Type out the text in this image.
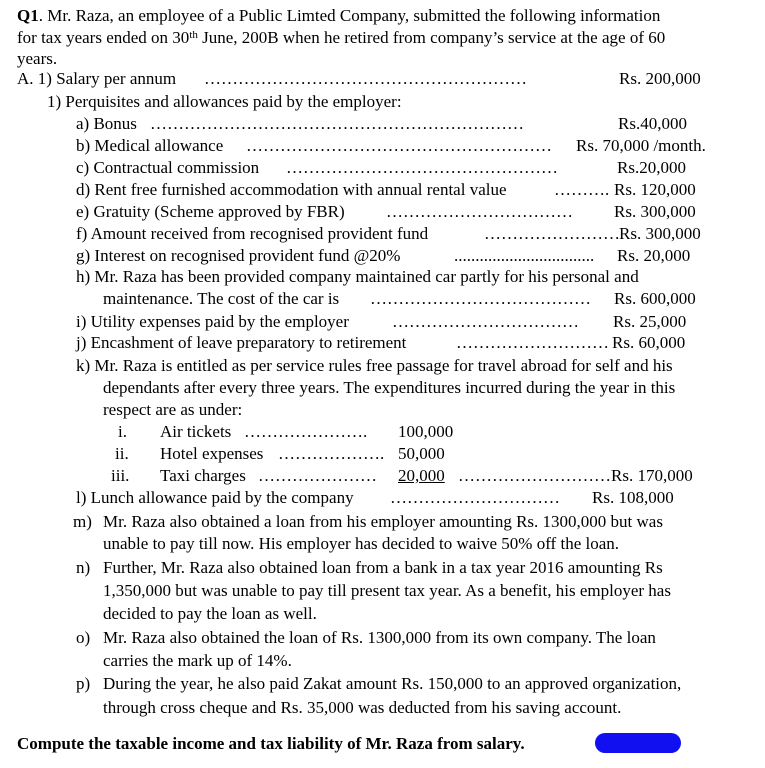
Q1. Mr. Raza, an employee of a Public Limted Company, submitted the following information
for tax years ended on 30th June, 200B when he retired from company’s service at the age of 60
years.
A. 1) Salary per annum …………………………………………………	Rs. 200,000
1) Perquisites and allowances paid by the employer:
a) Bonus …………………………………………………………	Rs.40,000
b) Medical allowance ……………………………………………… Rs. 70,000 /month.
c) Contractual commission …………………………………………	Rs.20,000
d) Rent free furnished accommodation with annual rental value	………. Rs. 120,000
e) Gratuity (Scheme approved by FBR) …………………………… Rs. 300,000
f) Amount received from recognised provident fund	…………………… Rs. 300,000
g) Interest on recognised provident fund @20%	................................. Rs. 20,000
h) Mr. Raza has been provided company maintained car partly for his personal and
maintenance. The cost of the car is ………………………………… Rs. 600,000
i) Utility expenses paid by the employer	…………………………… Rs. 25,000
j) Encashment of leave preparatory to retirement	……………………… Rs. 60,000
k) Mr. Raza is entitled as per service rules free passage for travel abroad for self and his
dependants after every three years. The expenditures incurred during the year in this
respect are as under:
i. Air tickets …………………. 100,000
ii. Hotel expenses ………………. 50,000
iii. Taxi charges ………………… 20,000 ……………………… Rs. 170,000
l) Lunch allowance paid by the company ………………………… Rs. 108,000
m) Mr. Raza also obtained a loan from his employer amounting Rs. 1300,000 but was
unable to pay till now. His employer has decided to waive 50% off the loan.
n) Further, Mr. Raza also obtained loan from a bank in a tax year 2016 amounting Rs
1,350,000 but was unable to pay till present tax year. As a benefit, his employer has
decided to pay the loan as well.
o) Mr. Raza also obtained the loan of Rs. 1300,000 from its own company. The loan
carries the mark up of 14%.
p) During the year, he also paid Zakat amount Rs. 150,000 to an approved organization,
through cross cheque and Rs. 35,000 was deducted from his saving account.
Compute the taxable income and tax liability of Mr. Raza from salary.
